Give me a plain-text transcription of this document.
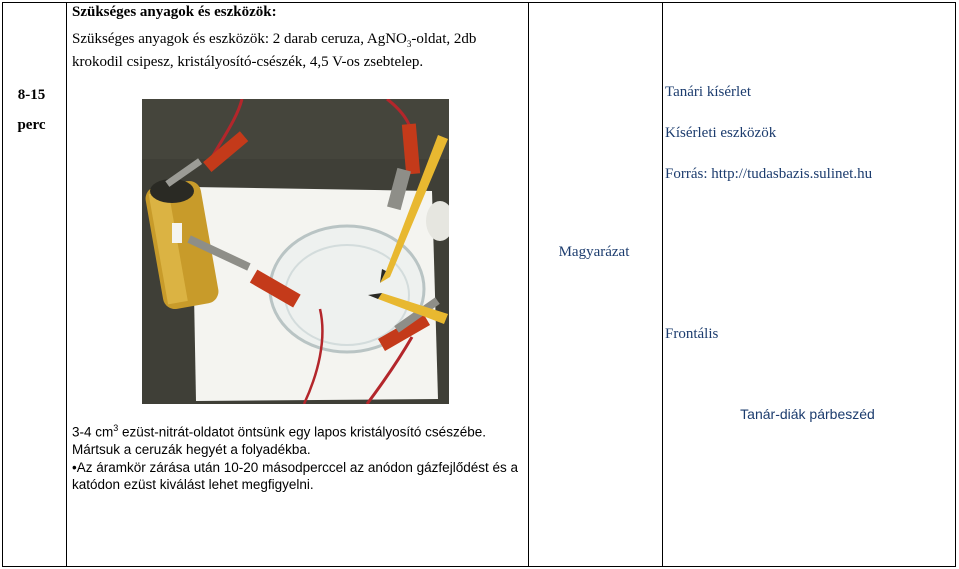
8-15
perc
Szükséges anyagok és eszközök:
Szükséges anyagok és eszközök: 2 darab ceruza, AgNO$_3$-oldat, 2db krokodil csipesz, kristályosító-csészék, 4,5 V-os zsebtelep.
3-4 $cm^3$ ezüst-nitrát-oldatot öntsünk egy lapos kristályosító csészébe.
Mártsuk a ceruzák hegyét a folyadékba.
•Az áramkör zárása után 10-20 másodperccel az anódon gázfejlődést és a katódon ezüst kiválást lehet megfigyelni.
Magyarázat
Tanári kísérlet
Kísérleti eszközök
Forrás: http://tudasbazis.sulinet.hu
Frontális
Tanár-diák párbeszéd
